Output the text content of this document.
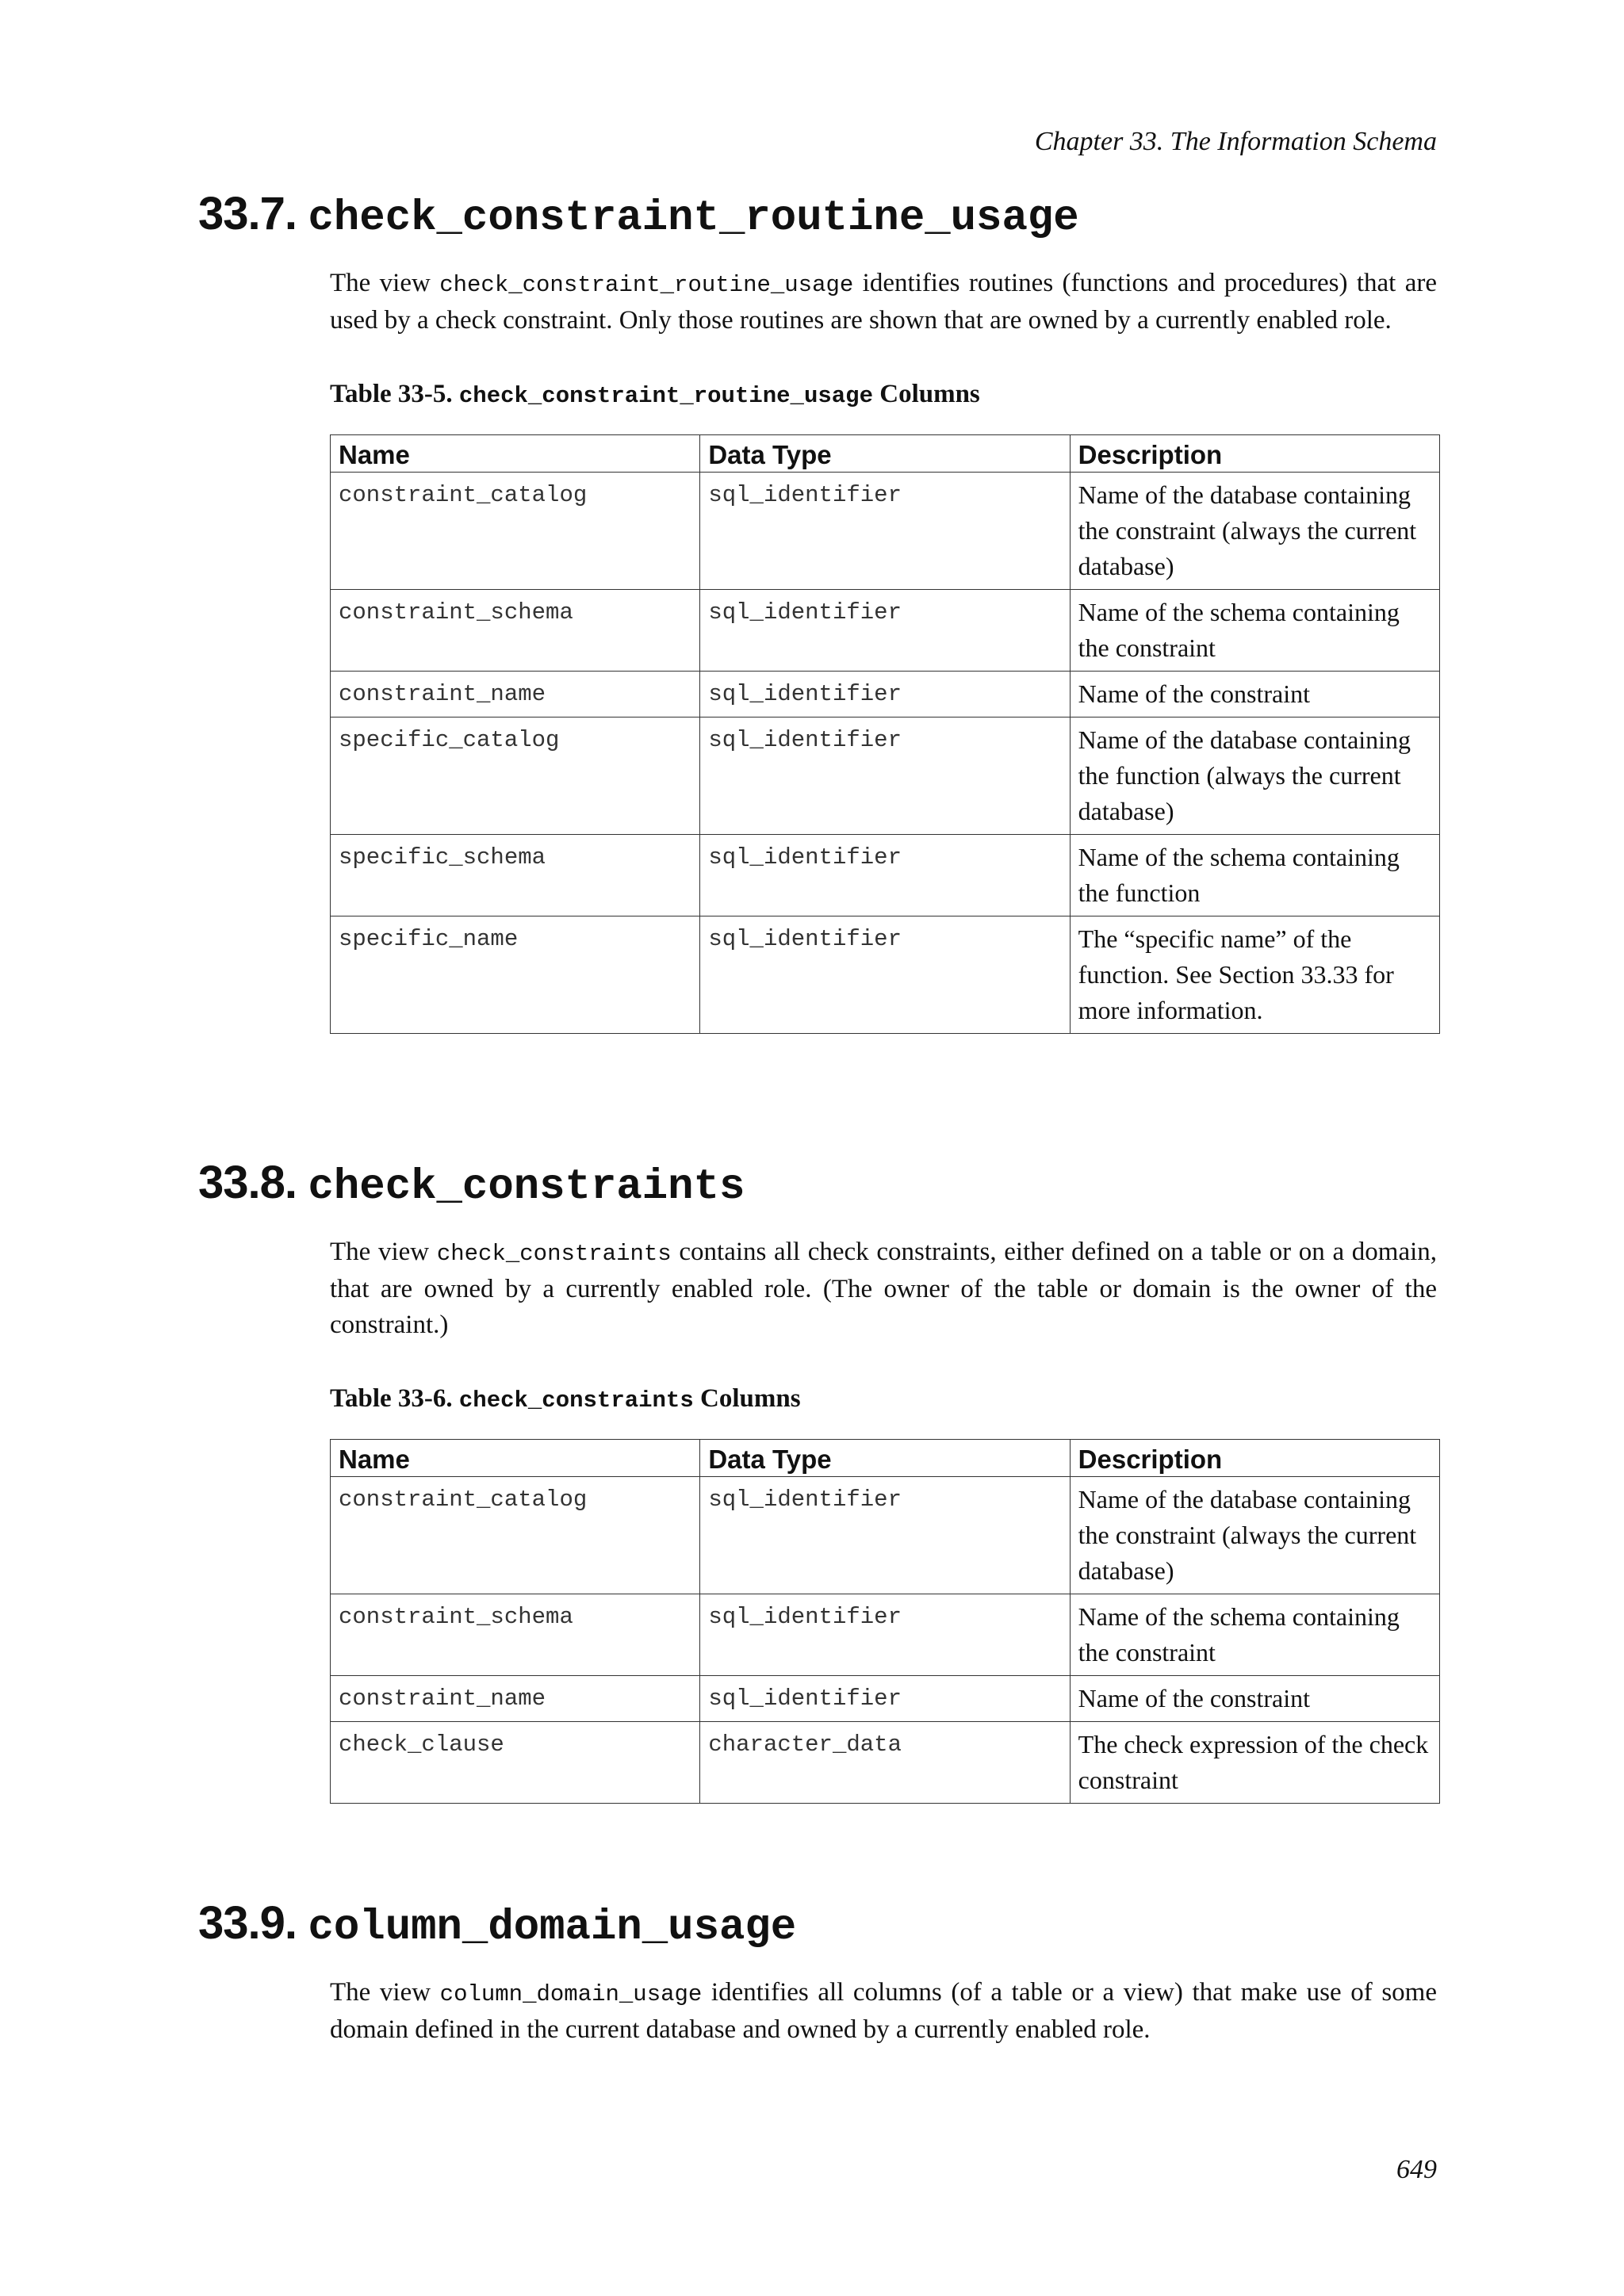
Chapter 33. The Information Schema
33.7. check_constraint_routine_usage

The view check_constraint_routine_usage identifies routines (functions and procedures) that are used by a check constraint. Only those routines are shown that are owned by a currently enabled role.

Table 33-5. check_constraint_routine_usage Columns
Name	Data Type	Description
constraint_catalog	sql_identifier	Name of the database containing the constraint (always the current database)
constraint_schema	sql_identifier	Name of the schema containing the constraint
constraint_name	sql_identifier	Name of the constraint
specific_catalog	sql_identifier	Name of the database containing the function (always the current database)
specific_schema	sql_identifier	Name of the schema containing the function
specific_name	sql_identifier	The “specific name” of the function. See Section 33.33 for more information.
33.8. check_constraints

The view check_constraints contains all check constraints, either defined on a table or on a domain, that are owned by a currently enabled role. (The owner of the table or domain is the owner of the constraint.)

Table 33-6. check_constraints Columns
Name	Data Type	Description
constraint_catalog	sql_identifier	Name of the database containing the constraint (always the current database)
constraint_schema	sql_identifier	Name of the schema containing the constraint
constraint_name	sql_identifier	Name of the constraint
check_clause	character_data	The check expression of the check constraint
33.9. column_domain_usage

The view column_domain_usage identifies all columns (of a table or a view) that make use of some domain defined in the current database and owned by a currently enabled role.

649
